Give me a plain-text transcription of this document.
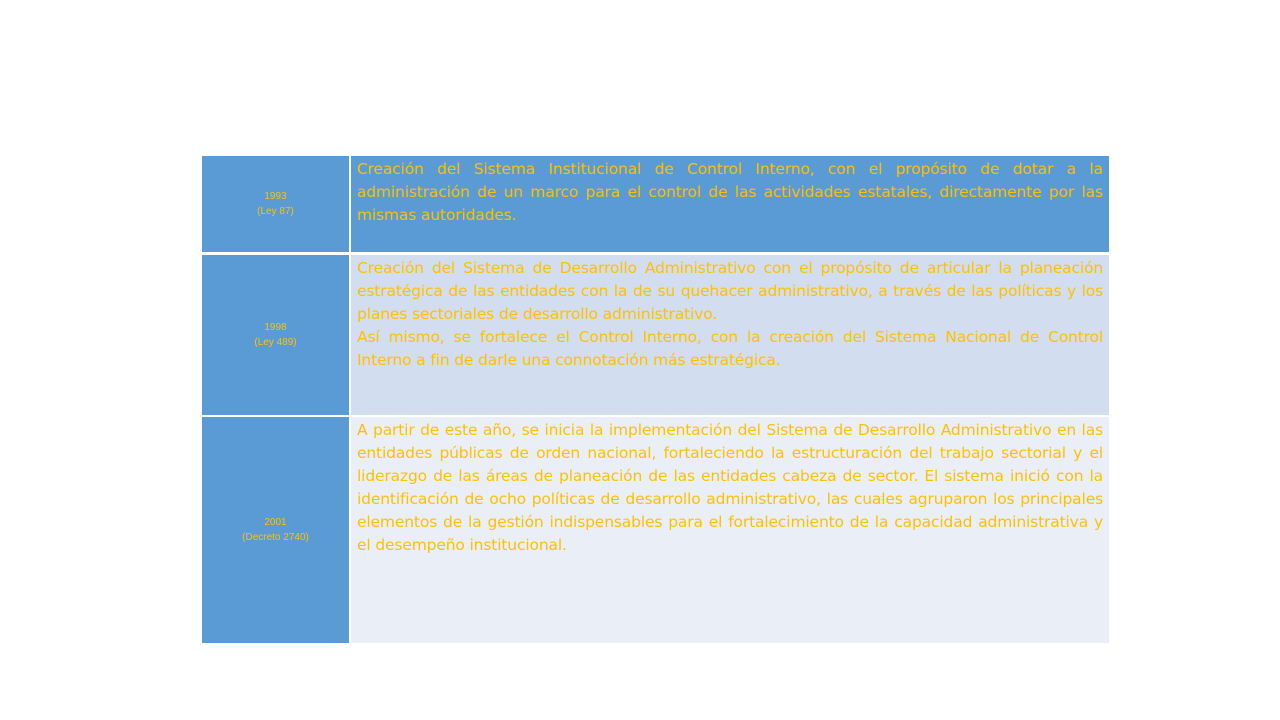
1993
(Ley 87)	Creación del Sistema Institucional de Control Interno, con el propósito de dotar a la administración de un marco para el control de las actividades estatales, directamente por las mismas autoridades.

1998
(Ley 489)	Creación del Sistema de Desarrollo Administrativo con el propósito de articular la planeación estratégica de las entidades con la de su quehacer administrativo, a través de las políticas y los planes sectoriales de desarrollo administrativo.
Así mismo, se fortalece el Control Interno, con la creación del Sistema Nacional de Control Interno a fin de darle una connotación más estratégica.

2001
(Decreto 2740)	A partir de este año, se inicia la implementación del Sistema de Desarrollo Administrativo en las entidades públicas de orden nacional, fortaleciendo la estructuración del trabajo sectorial y el liderazgo de las áreas de planeación de las entidades cabeza de sector. El sistema inició con la identificación de ocho políticas de desarrollo administrativo, las cuales agruparon los principales elementos de la gestión indispensables para el fortalecimiento de la capacidad administrativa y el desempeño institucional.
